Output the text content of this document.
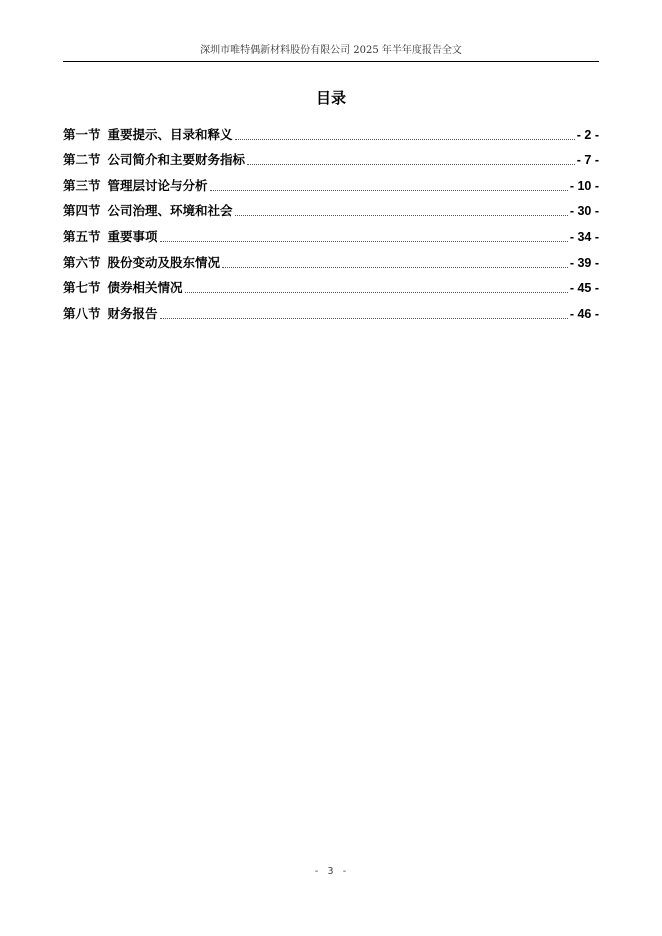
深圳市唯特偶新材料股份有限公司 2025 年半年度报告全文
目录
第一节 重要提示、目录和释义	- 2 -
第二节 公司简介和主要财务指标	- 7 -
第三节 管理层讨论与分析	- 10 -
第四节 公司治理、环境和社会	- 30 -
第五节 重要事项	- 34 -
第六节 股份变动及股东情况	- 39 -
第七节 债券相关情况	- 45 -
第八节 财务报告	- 46 -
- 3 -
